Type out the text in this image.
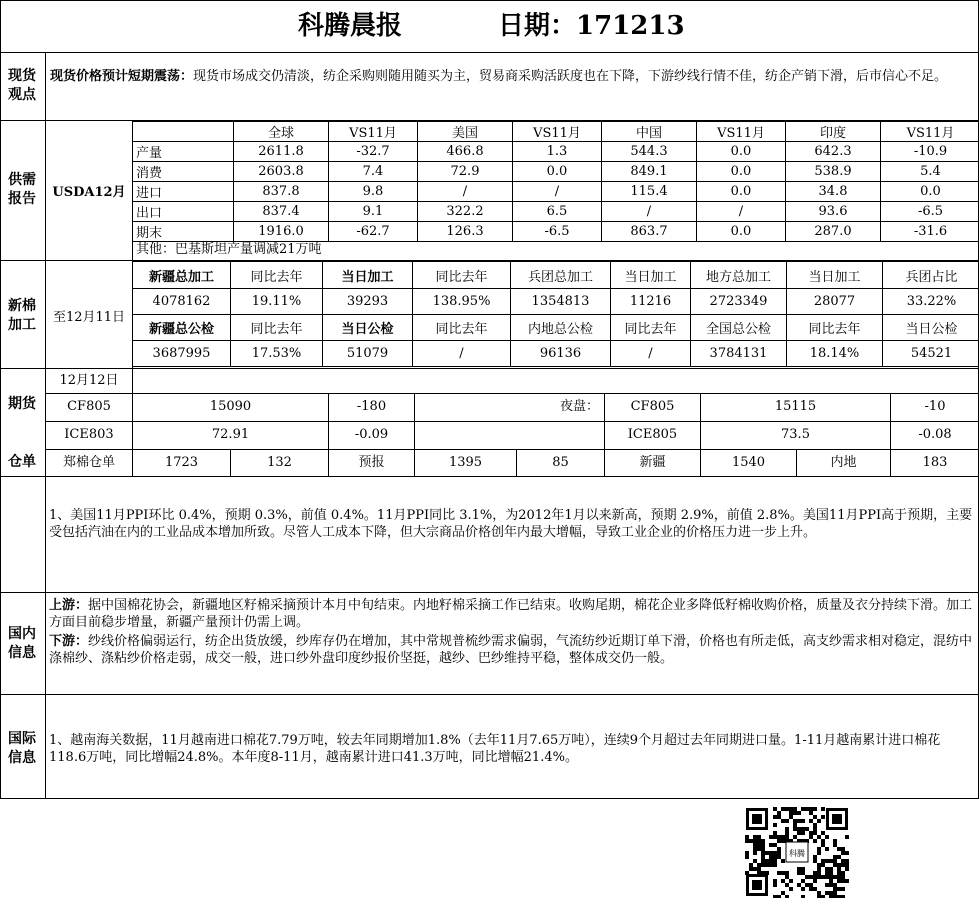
科腾晨报	日期：171213
现货观点
现货价格预计短期震荡：现货市场成交仍清淡，纺企采购则随用随买为主，贸易商采购活跃度也在下降，下游纱线行情不佳，纺企产销下滑，后市信心不足。
供需报告	USDA12月
	全球	VS11月	美国	VS11月	中国	VS11月	印度	VS11月
产量	2611.8	-32.7	466.8	1.3	544.3	0.0	642.3	-10.9
消费	2603.8	7.4	72.9	0.0	849.1	0.0	538.9	5.4
进口	837.8	9.8	/	/	115.4	0.0	34.8	0.0
出口	837.4	9.1	322.2	6.5	/	/	93.6	-6.5
期末	1916.0	-62.7	126.3	-6.5	863.7	0.0	287.0	-31.6
其他：巴基斯坦产量调减21万吨
新棉加工	至12月11日
新疆总加工	同比去年	当日加工	同比去年	兵团总加工	当日加工	地方总加工	当日加工	兵团占比
4078162	19.11%	39293	138.95%	1354813	11216	2723349	28077	33.22%
新疆总公检	同比去年	当日公检	同比去年	内地总公检	同比去年	全国总公检	同比去年	当日公检
3687995	17.53%	51079	/	96136	/	3784131	18.14%	54521
期货
仓单
12月12日
CF805	15090	-180	夜盘：	CF805	15115	-10
ICE803	72.91	-0.09	ICE805	73.5	-0.08
郑棉仓单	1723	132	预报	1395	85	新疆	1540	内地	183
1、美国11月PPI环比 0.4%，预期 0.3%，前值 0.4%。11月PPI同比 3.1%，为2012年1月以来新高，预期 2.9%，前值 2.8%。美国11月PPI高于预期，主要受包括汽油在内的工业品成本增加所致。尽管人工成本下降，但大宗商品价格创年内最大增幅，导致工业企业的价格压力进一步上升。
国内信息
上游：据中国棉花协会，新疆地区籽棉采摘预计本月中旬结束。内地籽棉采摘工作已结束。收购尾期，棉花企业多降低籽棉收购价格，质量及衣分持续下滑。加工方面目前稳步增量，新疆产量预计仍需上调。
下游：纱线价格偏弱运行，纺企出货放缓，纱库存仍在增加，其中常规普梳纱需求偏弱，气流纺纱近期订单下滑，价格也有所走低，高支纱需求相对稳定，混纺中涤棉纱、涤粘纱价格走弱，成交一般，进口纱外盘印度纱报价坚挺，越纱、巴纱维持平稳，整体成交仍一般。
国际信息
1、越南海关数据，11月越南进口棉花7.79万吨，较去年同期增加1.8%（去年11月7.65万吨），连续9个月超过去年同期进口量。1-11月越南累计进口棉花118.6万吨，同比增幅24.8%。本年度8-11月，越南累计进口41.3万吨，同比增幅21.4%。
科腾
